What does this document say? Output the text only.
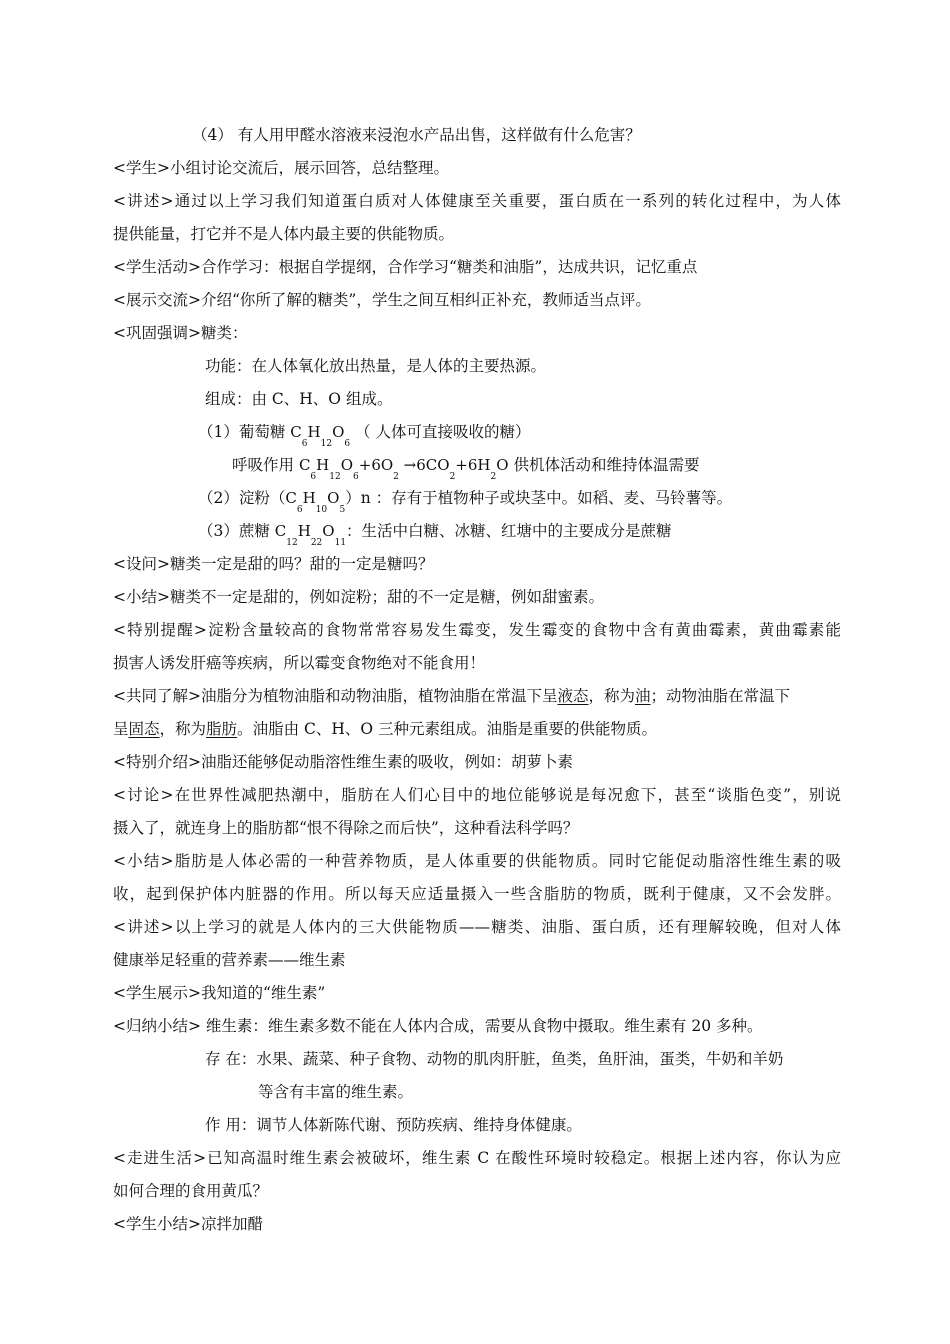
（4） 有人用甲醛水溶液来浸泡水产品出售，这样做有什么危害？
<学生>小组讨论交流后，展示回答，总结整理。
<讲述>通过以上学习我们知道蛋白质对人体健康至关重要，蛋白质在一系列的转化过程中，为人体
提供能量，打它并不是人体内最主要的供能物质。
<学生活动>合作学习：根据自学提纲，合作学习“糖类和油脂”，达成共识，记忆重点
<展示交流>介绍“你所了解的糖类”，学生之间互相纠正补充，教师适当点评。
<巩固强调>糖类：
功能：在人体氧化放出热量，是人体的主要热源。
组成：由 C、H、O 组成。
（1）葡萄糖 $C_6H_{12}O_6$ （ 人体可直接吸收的糖）
呼吸作用 $C_6H_{12}O_6+6O_2 \to 6CO_2+6H_2O$ 供机体活动和维持体温需要
（2）淀粉$(C_6H_{10}O_5)n$ ：存有于植物种子或块茎中。如稻、麦、马铃薯等。
（3）蔗糖 $C_{12}H_{22}O_{11}$：生活中白糖、冰糖、红塘中的主要成分是蔗糖
<设问>糖类一定是甜的吗？甜的一定是糖吗？
<小结>糖类不一定是甜的，例如淀粉；甜的不一定是糖，例如甜蜜素。
<特别提醒>淀粉含量较高的食物常常容易发生霉变，发生霉变的食物中含有黄曲霉素，黄曲霉素能
损害人诱发肝癌等疾病，所以霉变食物绝对不能食用！
<共同了解>油脂分为植物油脂和动物油脂，植物油脂在常温下呈液态，称为油；动物油脂在常温下
呈固态，称为脂肪。油脂由 C、H、O 三种元素组成。油脂是重要的供能物质。
<特别介绍>油脂还能够促动脂溶性维生素的吸收，例如：胡萝卜素
<讨论>在世界性减肥热潮中，脂肪在人们心目中的地位能够说是每况愈下，甚至“谈脂色变”，别说
摄入了，就连身上的脂肪都“恨不得除之而后快”，这种看法科学吗？
<小结>脂肪是人体必需的一种营养物质，是人体重要的供能物质。同时它能促动脂溶性维生素的吸
收，起到保护体内脏器的作用。所以每天应适量摄入一些含脂肪的物质，既利于健康，又不会发胖。
<讲述>以上学习的就是人体内的三大供能物质——糖类、油脂、蛋白质，还有理解较晚，但对人体
健康举足轻重的营养素——维生素
<学生展示>我知道的“维生素”
<归纳小结> 维生素：维生素多数不能在人体内合成，需要从食物中摄取。维生素有 20 多种。
存 在：水果、蔬菜、种子食物、动物的肌肉肝脏，鱼类，鱼肝油，蛋类，牛奶和羊奶
等含有丰富的维生素。
作 用：调节人体新陈代谢、预防疾病、维持身体健康。
<走进生活>已知高温时维生素会被破坏，维生素 C 在酸性环境时较稳定。根据上述内容，你认为应
如何合理的食用黄瓜？
<学生小结>凉拌加醋
